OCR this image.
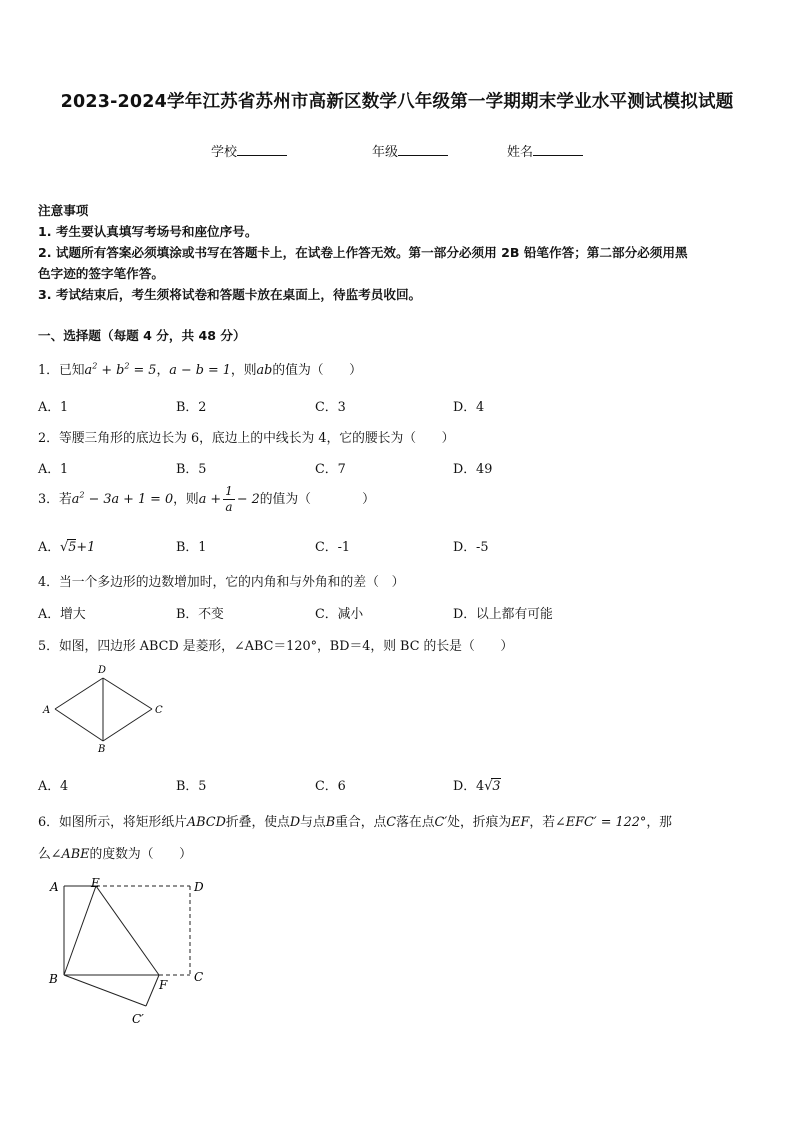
2023-2024学年江苏省苏州市高新区数学八年级第一学期期末学业水平测试模拟试题
学校	年级	姓名
注意事项
1. 考生要认真填写考场号和座位序号。
2. 试题所有答案必须填涂或书写在答题卡上，在试卷上作答无效。第一部分必须用 2B 铅笔作答；第二部分必须用黑
色字迹的签字笔作答。
3. 考试结束后，考生须将试卷和答题卡放在桌面上，待监考员收回。
一、选择题（每题 4 分，共 48 分）
1．已知$a^2 + b^2 = 5$，a − b = 1，则ab的值为（　　）
A．1	B．2	C．3	D．4
2．等腰三角形的底边长为 6，底边上的中线长为 4，它的腰长为（　　）
A．1	B．5	C．7	D．49
3．若$a^2 - 3a + 1 = 0$，则$a + \frac{1}{a} - 2$的值为（　　　　）
A．√5+1	B．1	C．-1	D．-5
4．当一个多边形的边数增加时，它的内角和与外角和的差（　）
A．增大	B．不变	C．减小	D．以上都有可能
5．如图，四边形 ABCD 是菱形，∠ABC＝120°，BD＝4，则 BC 的长是（　　）
D
A	C
B
A．4	B．5	C．6	D．4√3
6．如图所示，将矩形纸片ABCD折叠，使点D与点B重合，点C落在点C′处，折痕为EF，若∠EFC′ = 122°，那
么∠ABE的度数为（　　）
A	E	D
B	F
C
C′
